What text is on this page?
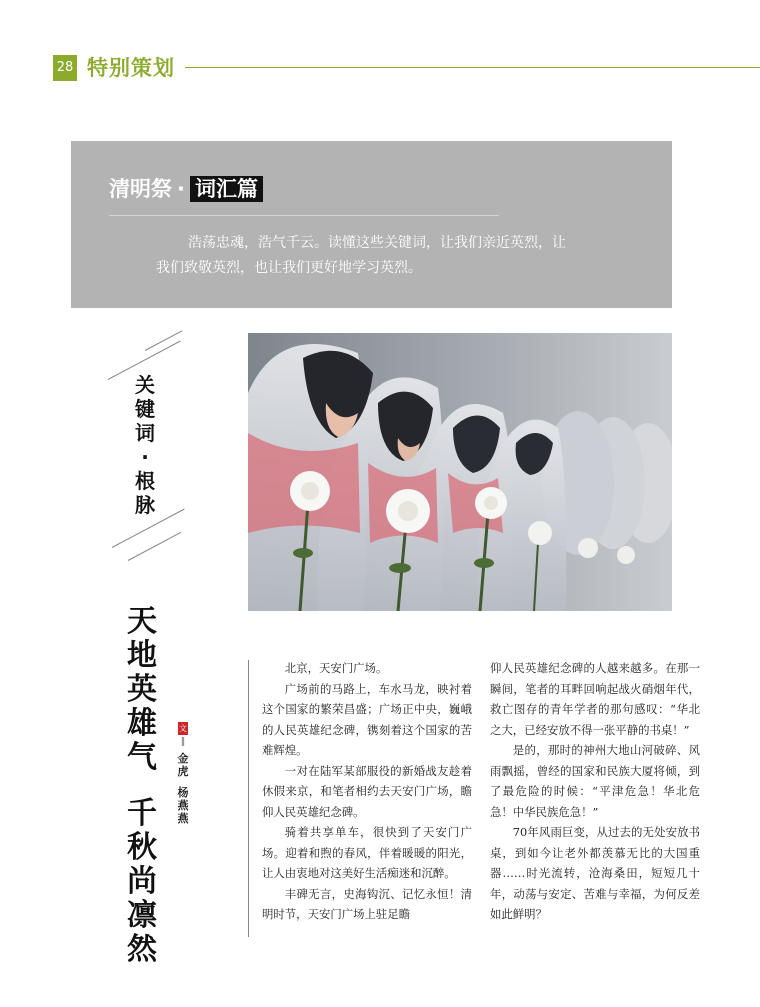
28 特别策划
清明祭 · 词汇篇

浩荡忠魂，浩气千云。读懂这些关键词，让我们亲近英烈，让

我们致敬英烈，也让我们更好地学习英烈。

关
键
词
·
根
脉
天
地
英
雄
气
千
秋
尚
凛
然
文
‖
金
虎
杨
燕
燕

北京，天安门广场。

广场前的马路上，车水马龙，映衬着这个国家的繁荣昌盛；广场正中央，巍峨的人民英雄纪念碑，镌刻着这个国家的苦难辉煌。

一对在陆军某部服役的新婚战友趁着休假来京，和笔者相约去天安门广场，瞻仰人民英雄纪念碑。

骑着共享单车，很快到了天安门广场。迎着和煦的春风，伴着暖暖的阳光，让人由衷地对这美好生活痴迷和沉醉。

丰碑无言，史海钩沉、记忆永恒！清明时节，天安门广场上驻足瞻

仰人民英雄纪念碑的人越来越多。在那一瞬间，笔者的耳畔回响起战火硝烟年代，救亡图存的青年学者的那句感叹：“华北之大，已经安放不得一张平静的书桌！”

是的，那时的神州大地山河破碎、风雨飘摇，曾经的国家和民族大厦将倾，到了最危险的时候：“平津危急！华北危急！中华民族危急！”

70年风雨巨变，从过去的无处安放书桌，到如今让老外都羡慕无比的大国重器……时光流转，沧海桑田，短短几十年，动荡与安定、苦难与幸福，为何反差如此鲜明？
